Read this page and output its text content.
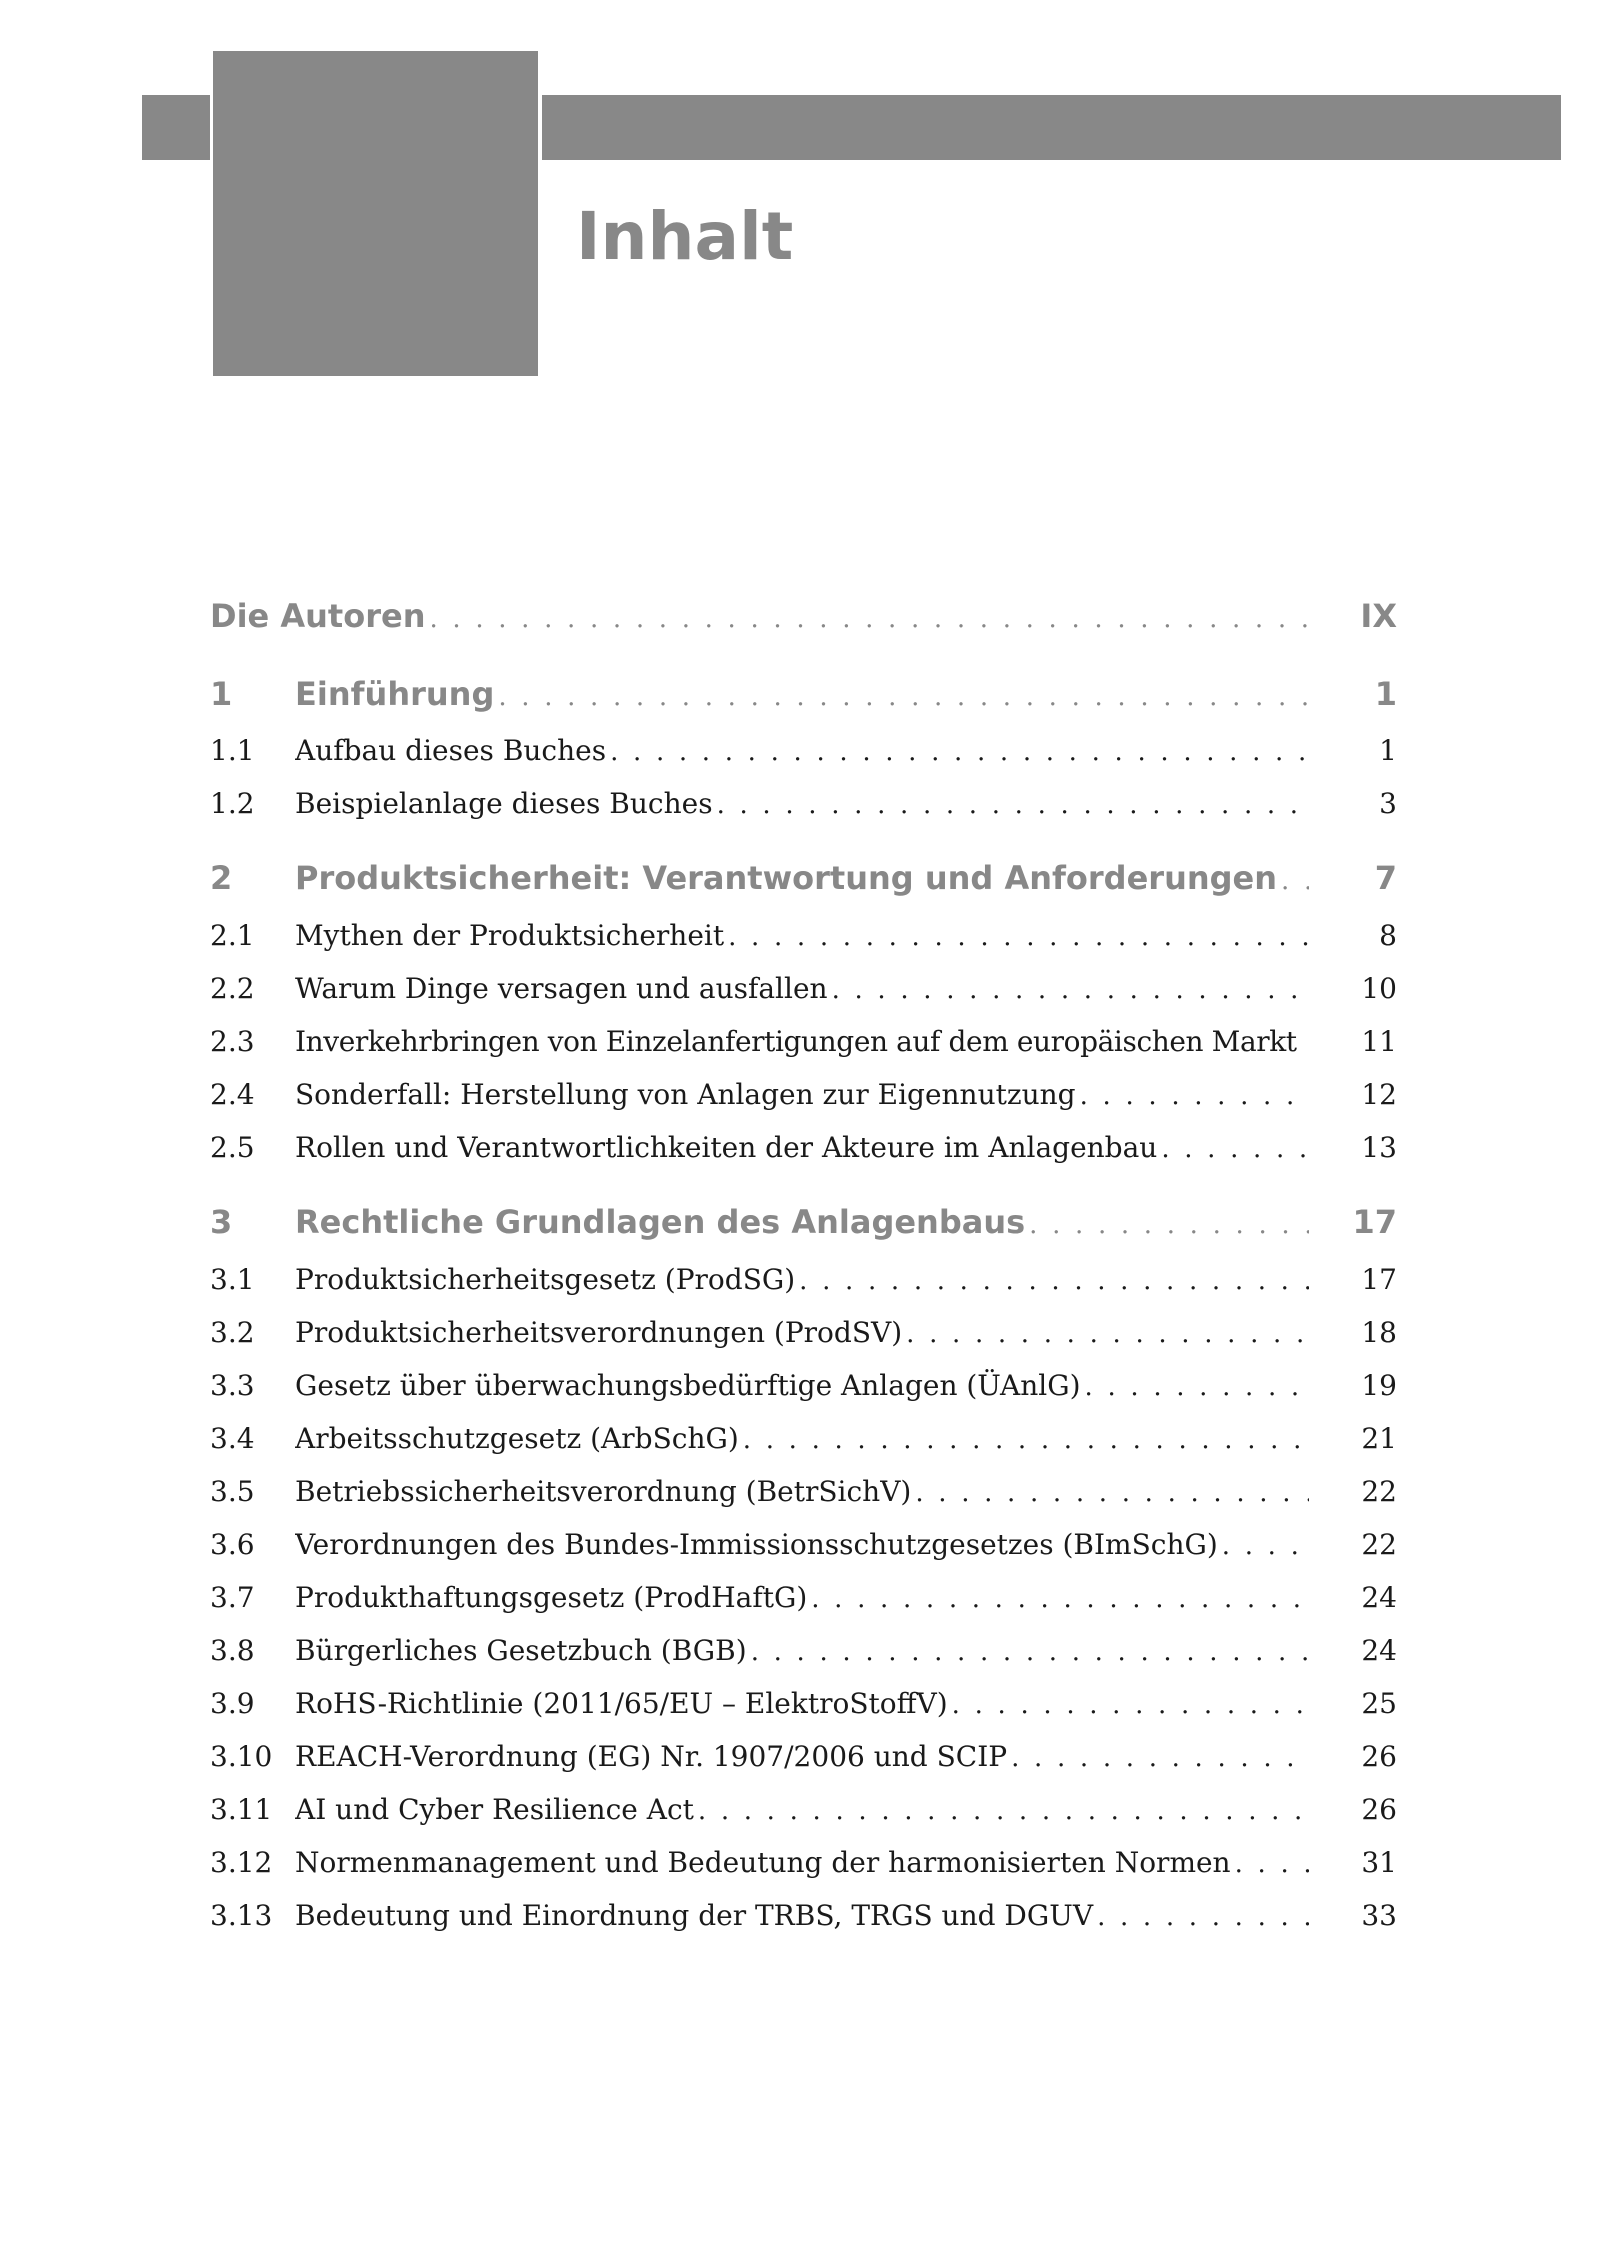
Inhalt
Die Autoren . . .	IX
1	Einführung . . .	1
1.1	Aufbau dieses Buches . . .	1
1.2	Beispielanlage dieses Buches . . .	3
2	Produktsicherheit: Verantwortung und Anforderungen . . .	7
2.1	Mythen der Produktsicherheit . . .	8
2.2	Warum Dinge versagen und ausfallen . . .	10
2.3	Inverkehrbringen von Einzelanfertigungen auf dem europäischen Markt	11
2.4	Sonderfall: Herstellung von Anlagen zur Eigennutzung . . .	12
2.5	Rollen und Verantwortlichkeiten der Akteure im Anlagenbau . . .	13
3	Rechtliche Grundlagen des Anlagenbaus . . .	17
3.1	Produktsicherheitsgesetz (ProdSG) . . .	17
3.2	Produktsicherheitsverordnungen (ProdSV) . . .	18
3.3	Gesetz über überwachungsbedürftige Anlagen (ÜAnlG) . . .	19
3.4	Arbeitsschutzgesetz (ArbSchG) . . .	21
3.5	Betriebssicherheitsverordnung (BetrSichV) . . .	22
3.6	Verordnungen des Bundes-Immissionsschutzgesetzes (BImSchG) . . .	22
3.7	Produkthaftungsgesetz (ProdHaftG) . . .	24
3.8	Bürgerliches Gesetzbuch (BGB) . . .	24
3.9	RoHS-Richtlinie (2011/65/EU – ElektroStoffV) . . .	25
3.10 REACH-Verordnung (EG) Nr. 1907/2006 und SCIP . . .	26
3.11 AI und Cyber Resilience Act . . .	26
3.12 Normenmanagement und Bedeutung der harmonisierten Normen . . .	31
3.13 Bedeutung und Einordnung der TRBS, TRGS und DGUV . . .	33
